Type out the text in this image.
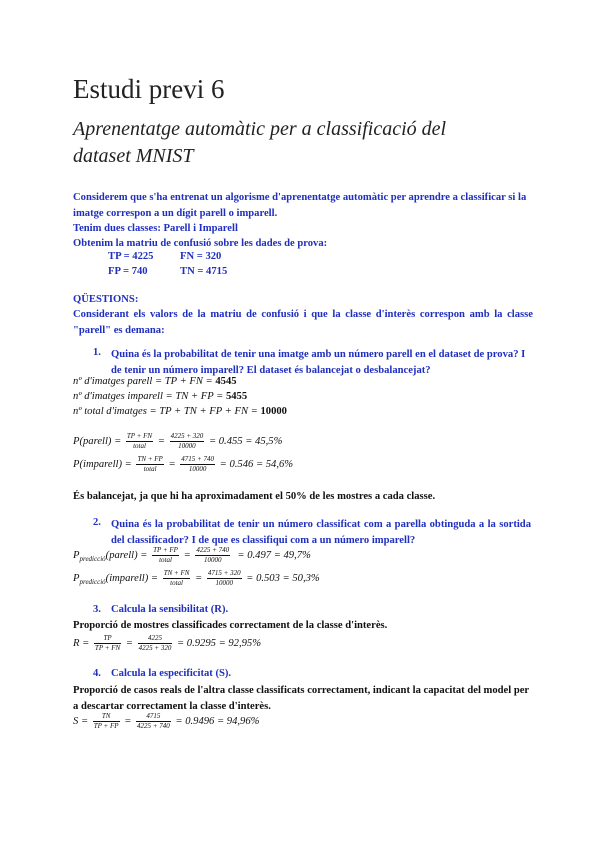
Estudi previ 6
Aprenentatge automàtic per a classificació del dataset MNIST
Considerem que s'ha entrenat un algorisme d'aprenentatge automàtic per aprendre a classificar si la imatge correspon a un dígit parell o imparell.
Tenim dues classes: Parell i Imparell
Obtenim la matriu de confusió sobre les dades de prova:
TP = 4225	FN = 320
FP = 740	TN = 4715
QÜESTIONS:
Considerant els valors de la matriu de confusió i que la classe d'interès correspon amb la classe "parell" es demana:
1. Quina és la probabilitat de tenir una imatge amb un número parell en el dataset de prova? I de tenir un número imparell? El dataset és balancejat o desbalancejat?
nº d'imatges parell = TP + FN = 4545
nº d'imatges imparell = TN + FP = 5455
nº total d'imatges = TP + TN + FP + FN = 10000
P(parell) = $\frac{TP + FN}{\text{total}} = \frac{4225 + 320}{10000} = 0.455 = 45,5\%$
P(imparell) = $\frac{TN + FP}{\text{total}} = \frac{4715 + 740}{10000} = 0.546 = 54,6\%$
És balancejat, ja que hi ha aproximadament el 50% de les mostres a cada classe.
2. Quina és la probabilitat de tenir un número classificat com a parella obtinguda a la sortida del classificador? I de que es classifiqui com a un número imparell?
$P_{predicció}(parell) = \frac{TP + FP}{\text{total}} = \frac{4225 + 740}{10000} = 0.497 = 49,7\%$
$P_{predicció}(imparell) = \frac{TN + FN}{\text{total}} = \frac{4715 + 320}{10000} = 0.503 = 50,3\%$
3. Calcula la sensibilitat (R).
Proporció de mostres classificades correctament de la classe d'interès.
$R = \frac{TP}{TP + FN} = \frac{4225}{4225 + 320} = 0.9295 = 92,95\%$
4. Calcula la especificitat (S).
Proporció de casos reals de l'altra classe classificats correctament, indicant la capacitat del model per a descartar correctament la classe d'interès.
$S = \frac{TN}{TP + FP} = \frac{4715}{4225 + 740} = 0.9496 = 94,96\%$
